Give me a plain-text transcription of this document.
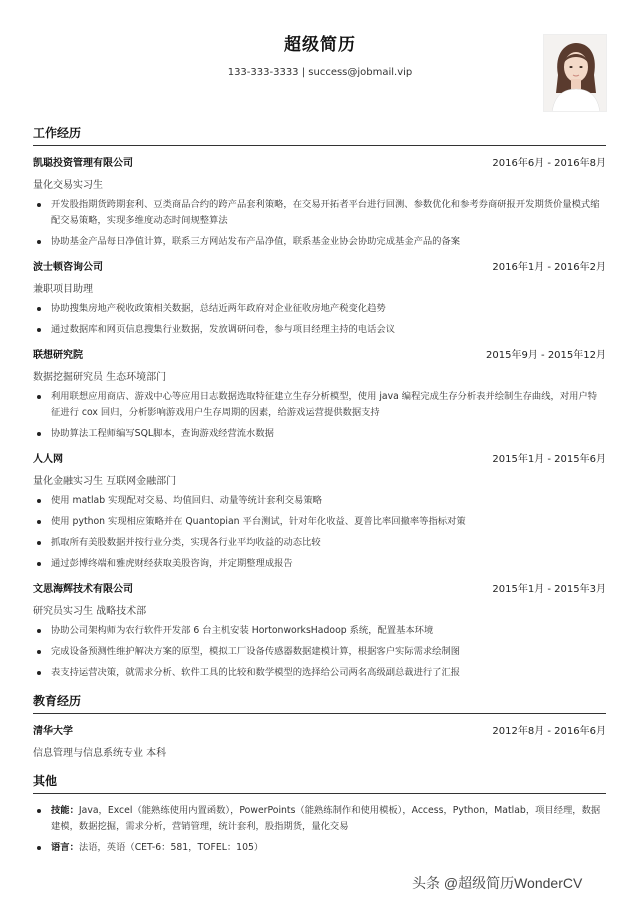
超级简历
133-333-3333 | success@jobmail.vip
工作经历
凯聪投资管理有限公司	2016年6月 - 2016年8月
量化交易实习生
开发股指期货跨期套利、豆类商品合约的跨产品套利策略，在交易开拓者平台进行回测、参数优化和参考券商研报开发期货价量模式缩配交易策略，实现多维度动态时间规整算法
协助基金产品每日净值计算，联系三方网站发布产品净值，联系基金业协会协助完成基金产品的备案
波士顿咨询公司	2016年1月 - 2016年2月
兼职项目助理
协助搜集房地产税收政策相关数据，总结近两年政府对企业征收房地产税变化趋势
通过数据库和网页信息搜集行业数据，发放调研问卷，参与项目经理主持的电话会议
联想研究院	2015年9月 - 2015年12月
数据挖掘研究员 生态环境部门
利用联想应用商店、游戏中心等应用日志数据选取特征建立生存分析模型，使用 java 编程完成生存分析表并绘制生存曲线，对用户特征进行 cox 回归，分析影响游戏用户生存周期的因素，给游戏运营提供数据支持
协助算法工程师编写SQL脚本，查询游戏经营流水数据
人人网	2015年1月 - 2015年6月
量化金融实习生 互联网金融部门
使用 matlab 实现配对交易、均值回归、动量等统计套利交易策略
使用 python 实现相应策略并在 Quantopian 平台测试，针对年化收益、夏普比率回撤率等指标对策
抓取所有美股数据并按行业分类，实现各行业平均收益的动态比较
通过彭博终端和雅虎财经获取美股咨询，并定期整理成报告
文思海辉技术有限公司	2015年1月 - 2015年3月
研究员实习生 战略技术部
协助公司架构师为农行软件开发部 6 台主机安装 HortonworksHadoop 系统，配置基本环境
完成设备预测性维护解决方案的原型，模拟工厂设备传感器数据建模计算，根据客户实际需求绘制图
表支持运营决策，就需求分析、软件工具的比较和数学模型的选择给公司两名高级副总裁进行了汇报
教育经历
清华大学	2012年8月 - 2016年6月
信息管理与信息系统专业 本科
其他
技能：Java，Excel（能熟练使用内置函数），PowerPoints（能熟练制作和使用模板），Access，Python，Matlab，项目经理，数据建模，数据挖掘，需求分析，营销管理，统计套利，股指期货，量化交易
语言：法语，英语（CET-6：581，TOFEL：105）
头条 @超级简历WonderCV
